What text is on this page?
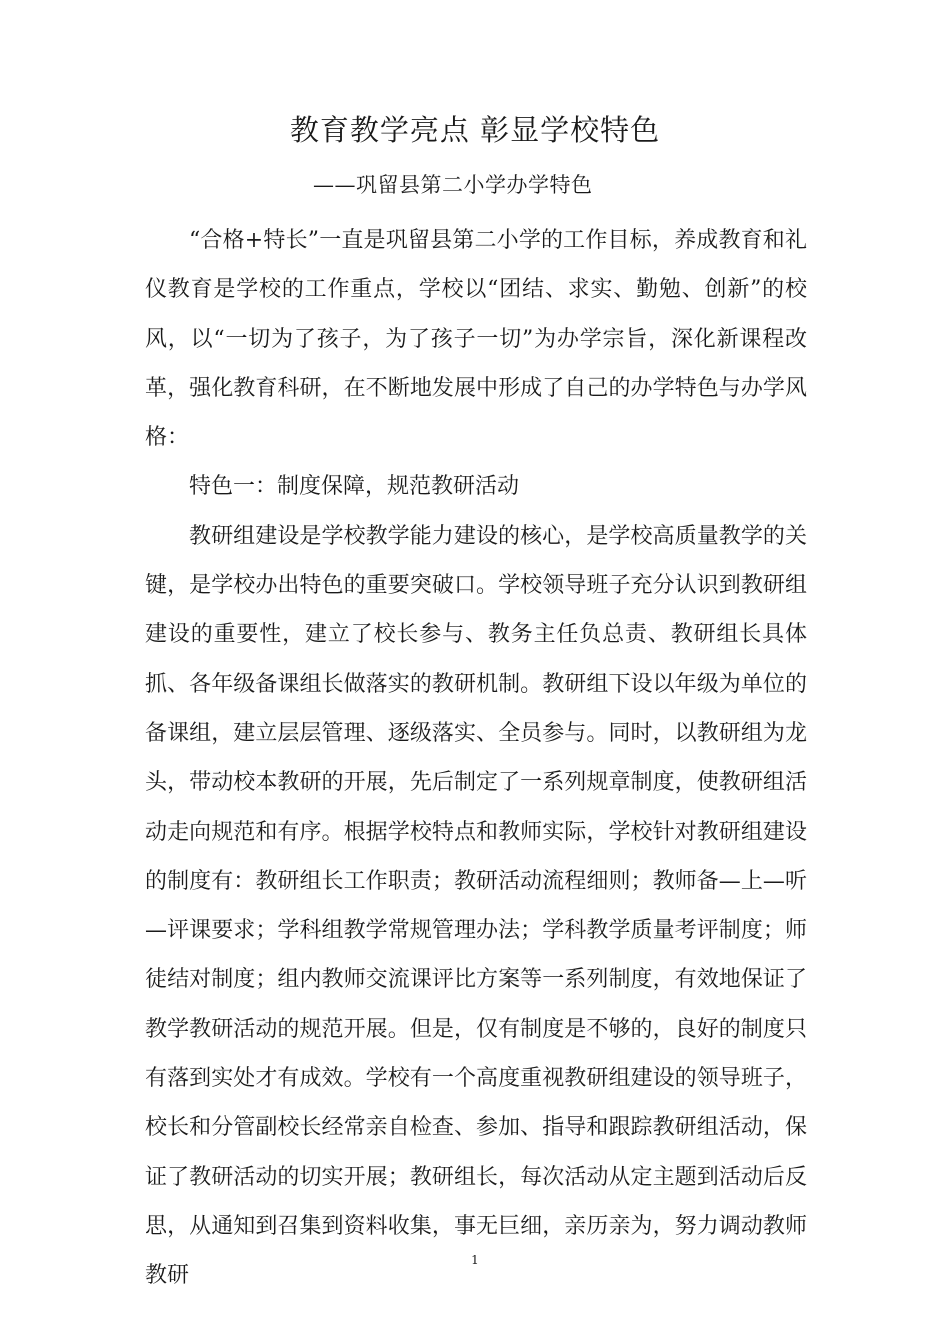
教育教学亮点 彰显学校特色
——巩留县第二小学办学特色

“合格+特长”一直是巩留县第二小学的工作目标，养成教育和礼仪教育是学校的工作重点，学校以“团结、求实、勤勉、创新”的校风，以“一切为了孩子，为了孩子一切”为办学宗旨，深化新课程改革，强化教育科研，在不断地发展中形成了自己的办学特色与办学风格：

特色一：制度保障，规范教研活动

教研组建设是学校教学能力建设的核心，是学校高质量教学的关键，是学校办出特色的重要突破口。学校领导班子充分认识到教研组建设的重要性，建立了校长参与、教务主任负总责、教研组长具体抓、各年级备课组长做落实的教研机制。教研组下设以年级为单位的备课组，建立层层管理、逐级落实、全员参与。同时，以教研组为龙头，带动校本教研的开展，先后制定了一系列规章制度，使教研组活动走向规范和有序。根据学校特点和教师实际，学校针对教研组建设的制度有：教研组长工作职责；教研活动流程细则；教师备—上—听—评课要求；学科组教学常规管理办法；学科教学质量考评制度；师徒结对制度；组内教师交流课评比方案等一系列制度，有效地保证了教学教研活动的规范开展。但是，仅有制度是不够的，良好的制度只有落到实处才有成效。学校有一个高度重视教研组建设的领导班子，校长和分管副校长经常亲自检查、参加、指导和跟踪教研组活动，保证了教研活动的切实开展；教研组长，每次活动从定主题到活动后反思，从通知到召集到资料收集，事无巨细，亲历亲为，努力调动教师教研

1
